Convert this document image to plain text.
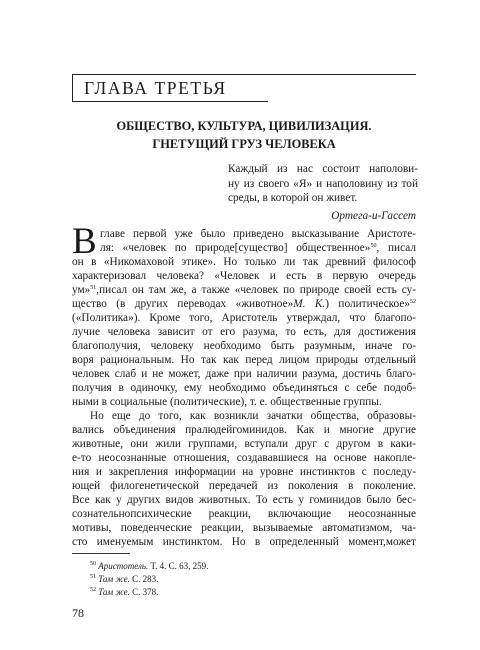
ГЛАВА ТРЕТЬЯ
ОБЩЕСТВО, КУЛЬТУРА, ЦИВИЛИЗАЦИЯ.
ГНЕТУЩИЙ ГРУЗ ЧЕЛОВЕКА
Каждый из нас состоит наполови-
ну из своего «Я» и наполовину из той
среды, в которой он живет.
Ортега-и-Гассет
В главе первой уже было приведено высказывание Аристоте-
ля: «человек по природе[существо] общественное»$^{50}$, писал
он в «Никомаховой этике». Но только ли так древний философ
характеризовал человека? «Человек и есть в первую очередь
ум»$^{51}$,писал он там же, а также «человек по природе своей есть су-
щество (в других переводах «животное»М. К.) политическое»$^{52}$
(«Политика»). Кроме того, Аристотель утверждал, что благопо-
лучие человека зависит от его разума, то есть, для достижения
благополучия, человеку необходимо быть разумным, иначе го-
воря рациональным. Но так как перед лицом природы отдельный
человек слаб и не может, даже при наличии разума, достичь благо-
получия в одиночку, ему необходимо объединяться с себе подоб-
ными в социальные (политические), т. е. общественные группы.
Но еще до того, как возникли зачатки общества, образовы-
вались объединения пралюдейгоминидов. Как и многие другие
животные, они жили группами, вступали друг с другом в каки-
е-то неосознанные отношения, создававшиеся на основе накопле-
ния и закрепления информации на уровне инстинктов с последу-
ющей филогенетической передачей из поколения в поколение.
Все как у других видов животных. То есть у гоминидов было бес-
сознательнопсихические реакции, включающие неосознанные
мотивы, поведенческие реакции, вызываемые автоматизмом, ча-
сто именуемым инстинктом. Но в определенный момент,может
$^{50}$ Аристотель. Т. 4. С. 63, 259.
$^{51}$ Там же. С. 283.
$^{52}$ Там же. С. 378.
78
